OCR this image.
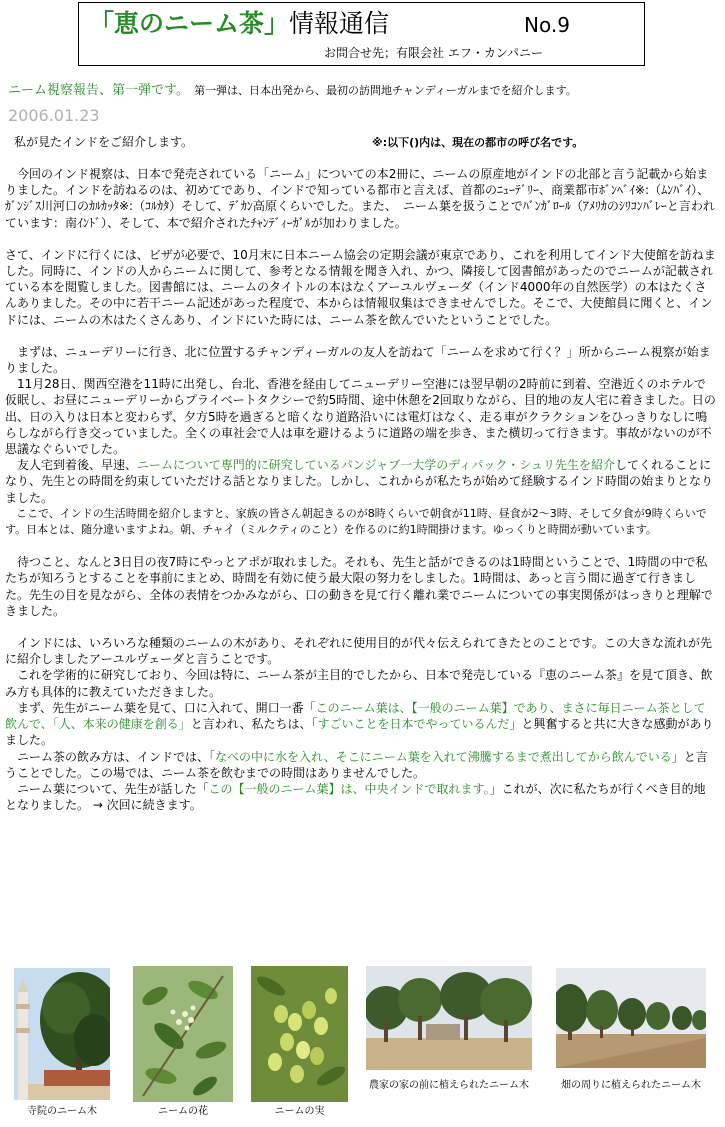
「恵のニーム茶」情報通信	No.9
お問合せ先；有限会社 エフ・カンパニー
ニーム視察報告、第一弾です。 第一弾は、日本出発から、最初の訪問地チャンディーガルまでを紹介します。
2006.01.23
私が見たインドをご紹介します。	※:以下()内は、現在の都市の呼び名です。

　今回のインド視察は、日本で発売されている「ニーム」についての本2冊に、ニームの原産地がインドの北部と言う記載から始まりました。インドを訪ねるのは、初めてであり、インドで知っている都市と言えば、首都のﾆｭｰﾃﾞﾘｰ、商業都市ﾎﾞﾝﾍﾞｲ※:（ﾑﾝﾊﾞｲ）、ｶﾞﾝｼﾞｽ川河口のｶﾙｶｯﾀ※:（ｺﾙｶﾀ）そして、ﾃﾞｶﾝ高原くらいでした。また、　ニーム葉を扱うことでﾊﾞﾝｶﾞﾛｰﾙ（ｱﾒﾘｶのｼﾘｺﾝﾊﾞﾚｰと言われています：南ｲﾝﾄﾞ）、そして、本で紹介されたﾁｬﾝﾃﾞｨｰｶﾞﾙが加わりました。

さて、インドに行くには、ビザが必要で、10月末に日本ニーム協会の定期会議が東京であり、これを利用してインド大使館を訪ねました。同時に、インドの人からニームに関して、参考となる情報を聞き入れ、かつ、隣接して図書館があったのでニームが記載されている本を閲覧しました。図書館には、ニームのタイトルの本はなくアーユルヴェーダ（インド4000年の自然医学）の本はたくさんありました。その中に若干ニーム記述があった程度で、本からは情報収集はできませんでした。そこで、大使館員に聞くと、インドには、ニームの木はたくさんあり、インドにいた時には、ニーム茶を飲んでいたということでした。

　まずは、ニューデリーに行き、北に位置するチャンディーガルの友人を訪ねて「ニームを求めて行く？」所からニーム視察が始まりました。

　11月28日、関西空港を11時に出発し、台北、香港を経由してニューデリー空港には翌早朝の2時前に到着、空港近くのホテルで仮眠し、お昼にニューデリーからプライベートタクシーで約5時間、途中休憩を2回取りながら、目的地の友人宅に着きました。日の出、日の入りは日本と変わらず、夕方5時を過ぎると暗くなり道路沿いには電灯はなく、走る車がクラクションをひっきりなしに鳴らしながら行き交っていました。全くの車社会で人は車を避けるように道路の端を歩き、また横切って行きます。事故がないのが不思議なぐらいでした。

　友人宅到着後、早速、ニームについて専門的に研究しているパンジャブ一大学のディパック・シュリ先生を紹介してくれることになり、先生との時間を約束していただける話となりました。しかし、これからが私たちが始めて経験するインド時間の始まりとなりました。

　ここで、インドの生活時間を紹介しますと、家族の皆さん朝起きるのが8時くらいで朝食が11時、昼食が2～3時、そして夕食が9時くらいです。日本とは、随分違いますよね。朝、チャイ（ミルクティのこと）を作るのに約1時間掛けます。ゆっくりと時間が動いています。

　待つこと、なんと3日目の夜7時にやっとアポが取れました。それも、先生と話ができるのは1時間ということで、1時間の中で私たちが知ろうとすることを事前にまとめ、時間を有効に使う最大限の努力をしました。1時間は、あっと言う間に過ぎて行きました。先生の目を見ながら、全体の表情をつかみながら、口の動きを見て行く離れ業でニームについての事実関係がはっきりと理解できました。

　インドには、いろいろな種類のニームの木があり、それぞれに使用目的が代々伝えられてきたとのことです。この大きな流れが先に紹介しましたアーユルヴェーダと言うことです。

　これを学術的に研究しており、今回は特に、ニーム茶が主目的でしたから、日本で発売している『恵のニーム茶』を見て頂き、飲み方も具体的に教えていただきました。

　まず、先生がニーム葉を見て、口に入れて、開口一番「このニーム葉は、【一般のニーム葉】であり、まさに毎日ニーム茶として飲んで、「人、本来の健康を創る」と言われ、私たちは、「すごいことを日本でやっているんだ」と興奮すると共に大きな感動がありました。

　ニーム茶の飲み方は、インドでは、「なべの中に水を入れ、そこにニーム葉を入れて沸騰するまで煮出してから飲んでいる」と言うことでした。この場では、ニーム茶を飲むまでの時間はありませんでした。

　ニーム葉について、先生が話した「この【一般のニーム葉】は、中央インドで取れます。」これが、次に私たちが行くべき目的地となりました。 → 次回に続きます。

寺院のニーム木	ニームの花	ニームの実
農家の家の前に植えられたニーム木	畑の周りに植えられたニーム木
